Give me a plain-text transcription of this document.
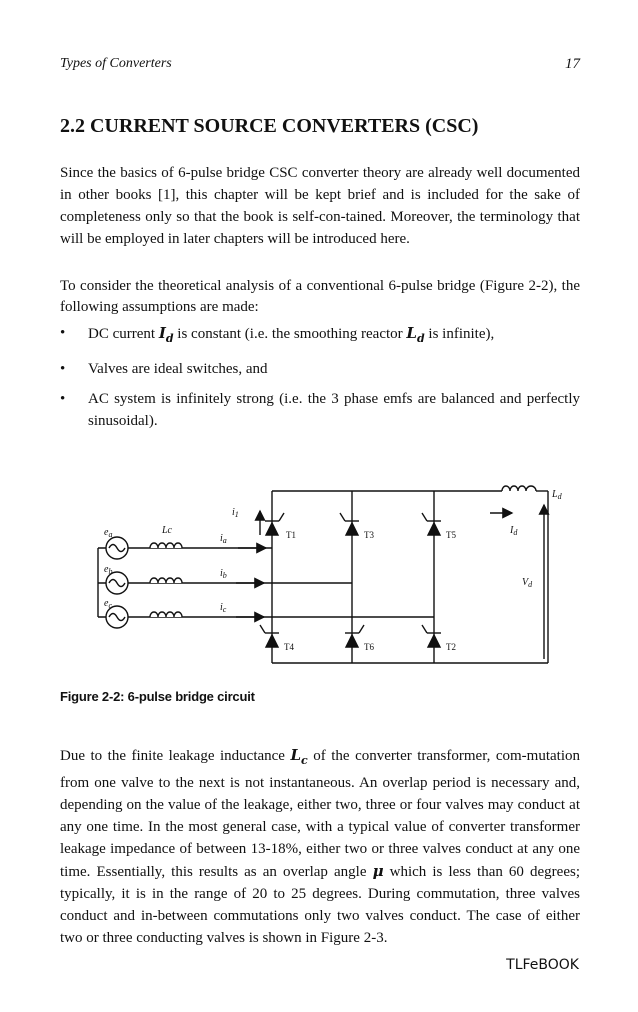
Types of Converters	17
2.2 CURRENT SOURCE CONVERTERS (CSC)

Since the basics of 6-pulse bridge CSC converter theory are already well documented in other books [1], this chapter will be kept brief and is included for the sake of completeness only so that the book is self-con-tained. Moreover, the terminology that will be employed in later chapters will be introduced here.

To consider the theoretical analysis of a conventional 6-pulse bridge (Figure 2-2), the following assumptions are made:

• DC current $I_d$ is constant (i.e. the smoothing reactor $L_d$ is infinite),
• Valves are ideal switches, and
• AC system is infinitely strong (i.e. the 3 phase emfs are balanced and perfectly sinusoidal).
$e_a$
$e_b$
$e_c$
Lc
$i_1$
$i_a$
$i_b$
$i_c$
$L_d$
$I_d$
$V_d$
T1	T3	T5
T4	T6	T2
Figure 2-2: 6-pulse bridge circuit

Due to the finite leakage inductance $L_c$ of the converter transformer, com-mutation from one valve to the next is not instantaneous. An overlap period is necessary and, depending on the value of the leakage, either two, three or four valves may conduct at any one time. In the most general case, with a typical value of converter transformer leakage impedance of between 13-18%, either two or three valves conduct at any one time. Essentially, this results as an overlap angle μ which is less than 60 degrees; typically, it is in the range of 20 to 25 degrees. During commutation, three valves conduct and in-between commutations only two valves conduct. The case of either two or three conducting valves is shown in Figure 2-3.

TLFeBOOK
